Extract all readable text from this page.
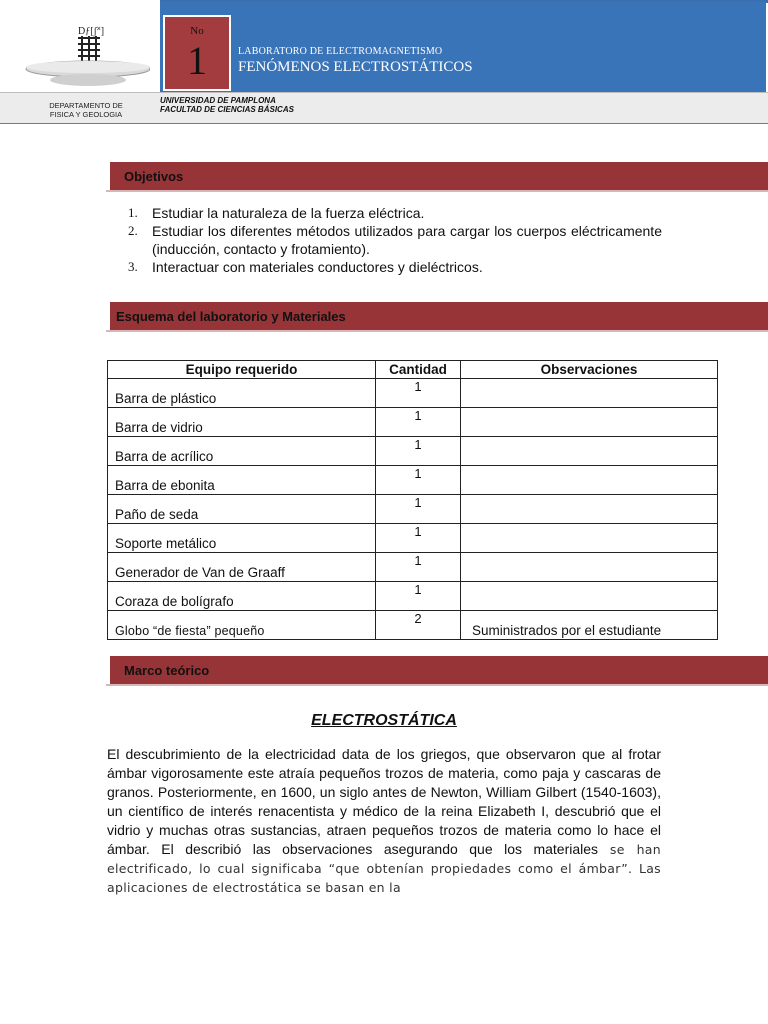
Dƒ[ʃ˟]	No
1	LABORATORO DE ELECTROMAGNETISMO
FENÓMENOS ELECTROSTÁTICOS
DEPARTAMENTO DE
FISICA Y GEOLOGIA
UNIVERSIDAD DE PAMPLONA
FACULTAD DE CIENCIAS BÁSICAS
Objetivos
1. Estudiar la naturaleza de la fuerza eléctrica.
2. Estudiar los diferentes métodos utilizados para cargar los cuerpos eléctricamente (inducción, contacto y frotamiento).
3. Interactuar con materiales conductores y dieléctricos.
Esquema del laboratorio y Materiales
Equipo requerido	Cantidad	Observaciones
Barra de plástico	1	
Barra de vidrio	1	
Barra de acrílico	1	
Barra de ebonita	1	
Paño de seda	1	
Soporte metálico	1	
Generador de Van de Graaff	1	
Coraza de bolígrafo	1	
Globo “de fiesta” pequeño	2	Suministrados por el estudiante
Marco teórico
ELECTROSTÁTICA

El descubrimiento de la electricidad data de los griegos, que observaron que al frotar ámbar vigorosamente este atraía pequeños trozos de materia, como paja y cascaras de granos. Posteriormente, en 1600, un siglo antes de Newton, William Gilbert (1540-1603), un científico de interés renacentista y médico de la reina Elizabeth I, descubrió que el vidrio y muchas otras sustancias, atraen pequeños trozos de materia como lo hace el ámbar. El describió las observaciones asegurando que los materiales se han electrificado, lo cual significaba “que obtenían propiedades como el ámbar”. Las aplicaciones de electrostática se basan en la
